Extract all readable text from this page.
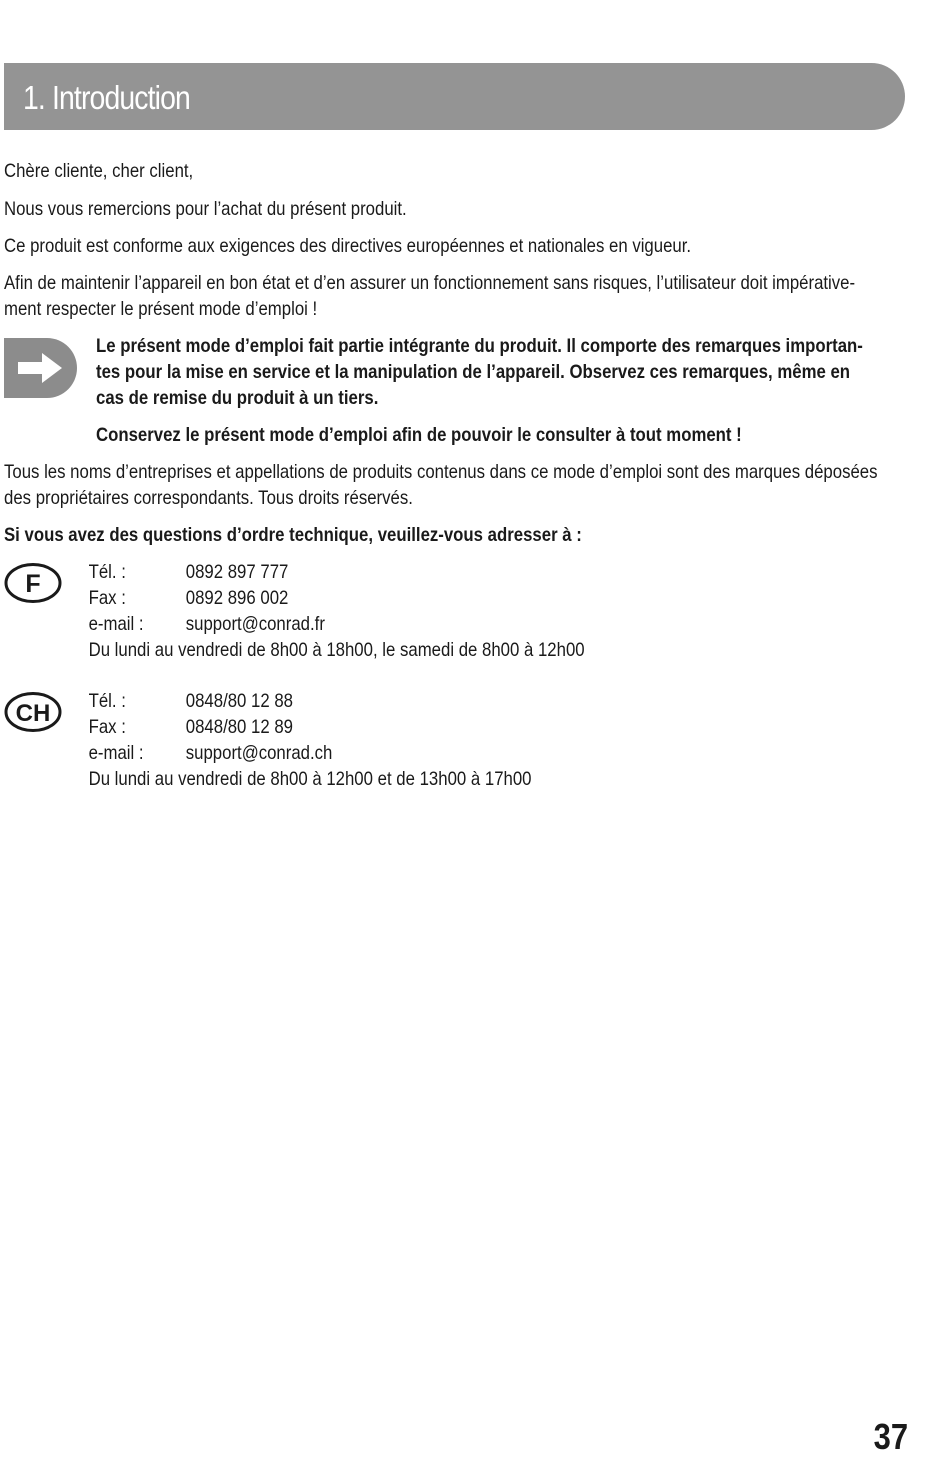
1. Introduction
Chère cliente, cher client,
Nous vous remercions pour l’achat du présent produit.
Ce produit est conforme aux exigences des directives européennes et nationales en vigueur.
Afin de maintenir l’appareil en bon état et d’en assurer un fonctionnement sans risques, l’utilisateur doit impérative-
ment respecter le présent mode d’emploi !
Le présent mode d’emploi fait partie intégrante du produit. Il comporte des remarques importan-
tes pour la mise en service et la manipulation de l’appareil. Observez ces remarques, même en
cas de remise du produit à un tiers.
Conservez le présent mode d’emploi afin de pouvoir le consulter à tout moment !
Tous les noms d’entreprises et appellations de produits contenus dans ce mode d’emploi sont des marques déposées
des propriétaires correspondants. Tous droits réservés.
Si vous avez des questions d’ordre technique, veuillez-vous adresser à :
F Tél. :	0892 897 777
Fax :	0892 896 002
e-mail : support@conrad.fr
Du lundi au vendredi de 8h00 à 18h00, le samedi de 8h00 à 12h00
CH Tél. :	0848/80 12 88
Fax :	0848/80 12 89
e-mail : support@conrad.ch
Du lundi au vendredi de 8h00 à 12h00 et de 13h00 à 17h00
37
